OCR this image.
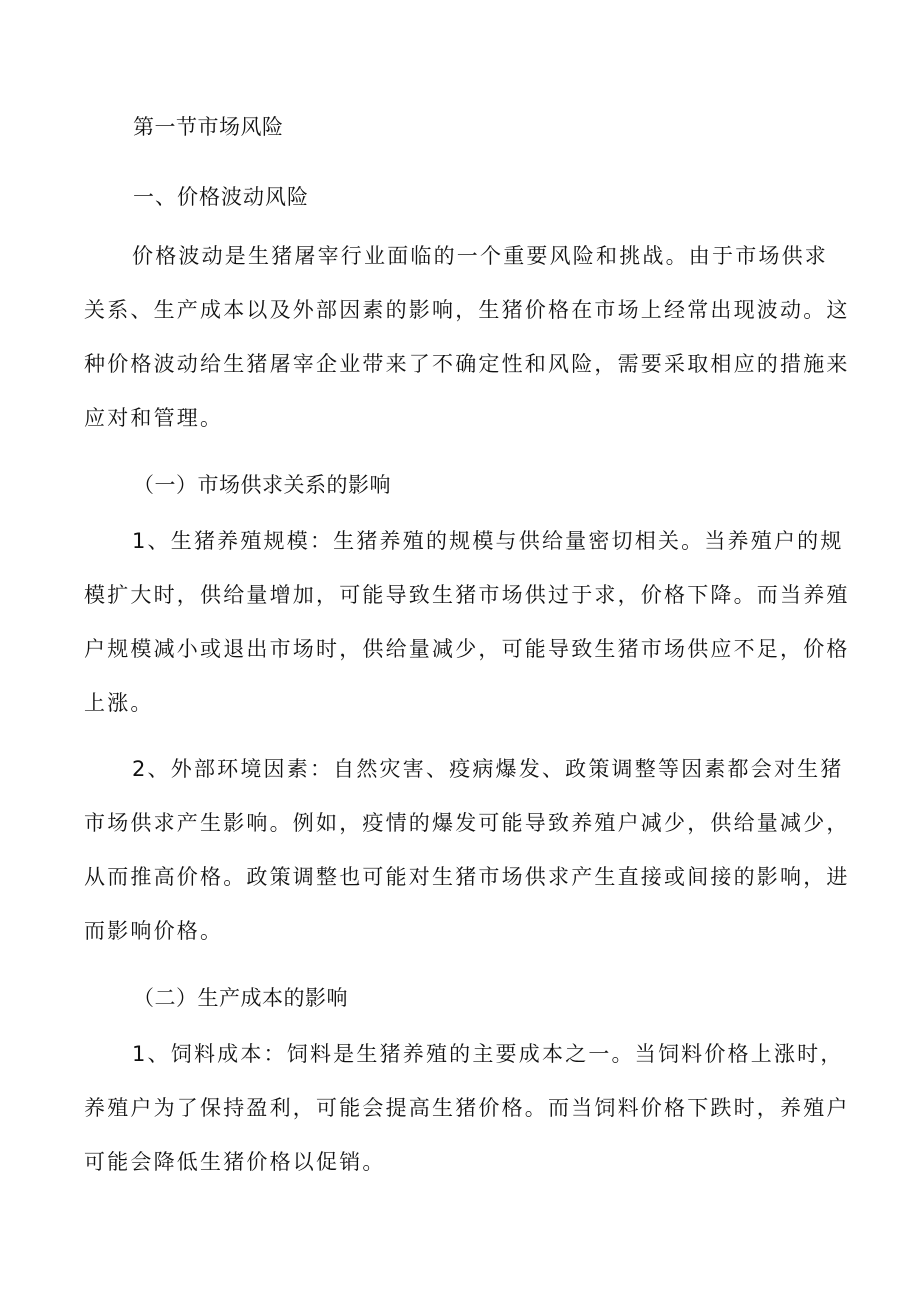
第一节市场风险
一、价格波动风险
价格波动是生猪屠宰行业面临的一个重要风险和挑战。由于市场供求
关系、生产成本以及外部因素的影响，生猪价格在市场上经常出现波动。这
种价格波动给生猪屠宰企业带来了不确定性和风险，需要采取相应的措施来
应对和管理。
（一）市场供求关系的影响
1、生猪养殖规模：生猪养殖的规模与供给量密切相关。当养殖户的规
模扩大时，供给量增加，可能导致生猪市场供过于求，价格下降。而当养殖
户规模减小或退出市场时，供给量减少，可能导致生猪市场供应不足，价格
上涨。
2、外部环境因素：自然灾害、疫病爆发、政策调整等因素都会对生猪
市场供求产生影响。例如，疫情的爆发可能导致养殖户减少，供给量减少，
从而推高价格。政策调整也可能对生猪市场供求产生直接或间接的影响，进
而影响价格。
（二）生产成本的影响
1、饲料成本：饲料是生猪养殖的主要成本之一。当饲料价格上涨时，
养殖户为了保持盈利，可能会提高生猪价格。而当饲料价格下跌时，养殖户
可能会降低生猪价格以促销。
